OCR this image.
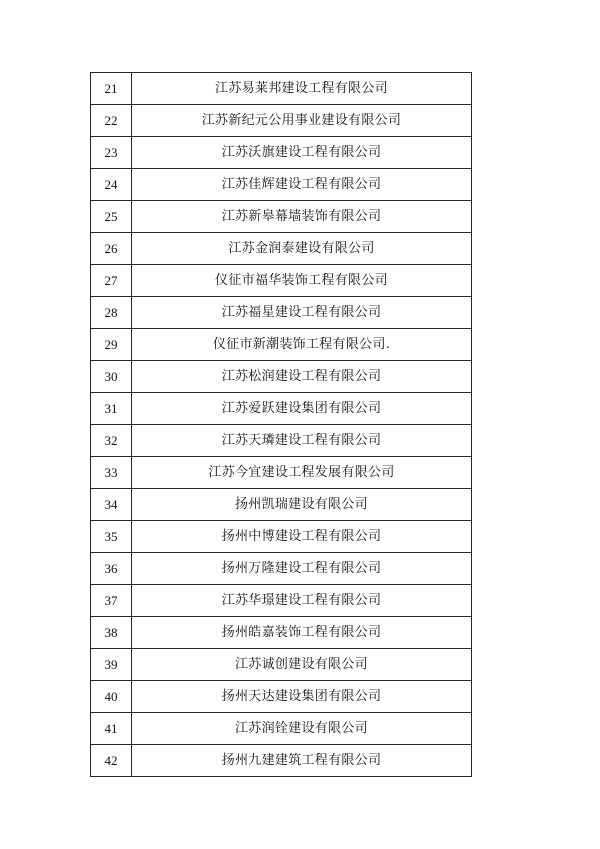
21	江苏易莱邦建设工程有限公司
22	江苏新纪元公用事业建设有限公司
23	江苏沃旗建设工程有限公司
24	江苏佳辉建设工程有限公司
25	江苏新皋幕墙装饰有限公司
26	江苏金润泰建设有限公司
27	仪征市福华装饰工程有限公司
28	江苏福星建设工程有限公司
29	仪征市新潮装饰工程有限公司.
30	江苏松润建设工程有限公司
31	江苏爱跃建设集团有限公司
32	江苏天璘建设工程有限公司
33	江苏今宜建设工程发展有限公司
34	扬州凯瑞建设有限公司
35	扬州中博建设工程有限公司
36	扬州万隆建设工程有限公司
37	江苏华璟建设工程有限公司
38	扬州皓嘉装饰工程有限公司
39	江苏诚创建设有限公司
40	扬州天达建设集团有限公司
41	江苏润铨建设有限公司
42	扬州九建建筑工程有限公司
